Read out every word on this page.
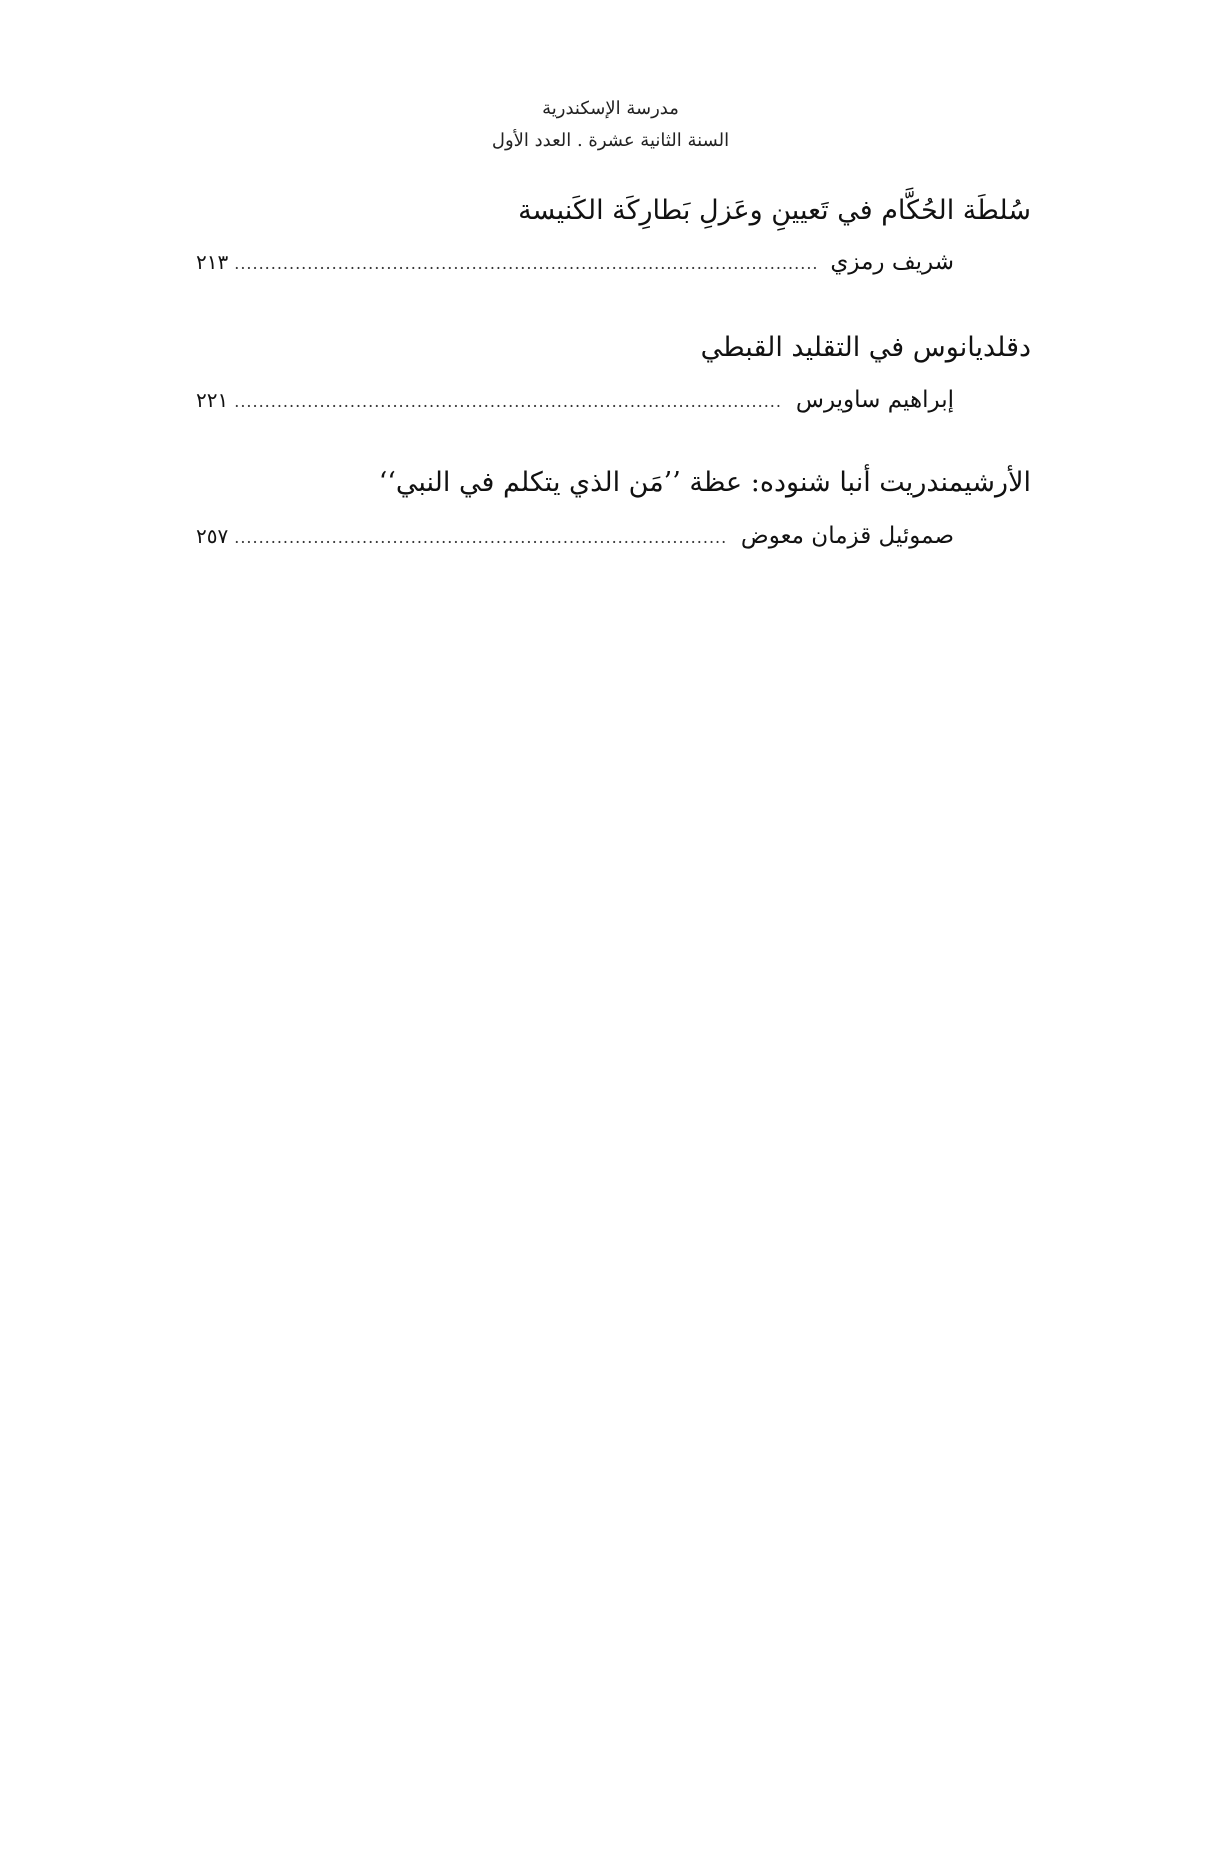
مدرسة الإسكندرية
السنة الثانية عشرة . العدد الأول
سُلطَة الحُكَّام في تَعيينِ وعَزلِ بَطارِكَة الكَنيسة
شريف رمزي
.....
٢١٣
دقلديانوس في التقليد القبطي
إبراهيم ساويرس
.....
٢٢١
الأرشيمندريت أنبا شنوده: عظة ’’مَن الذي يتكلم في النبي‘‘
صموئيل قزمان معوض
.....
٢٥٧
